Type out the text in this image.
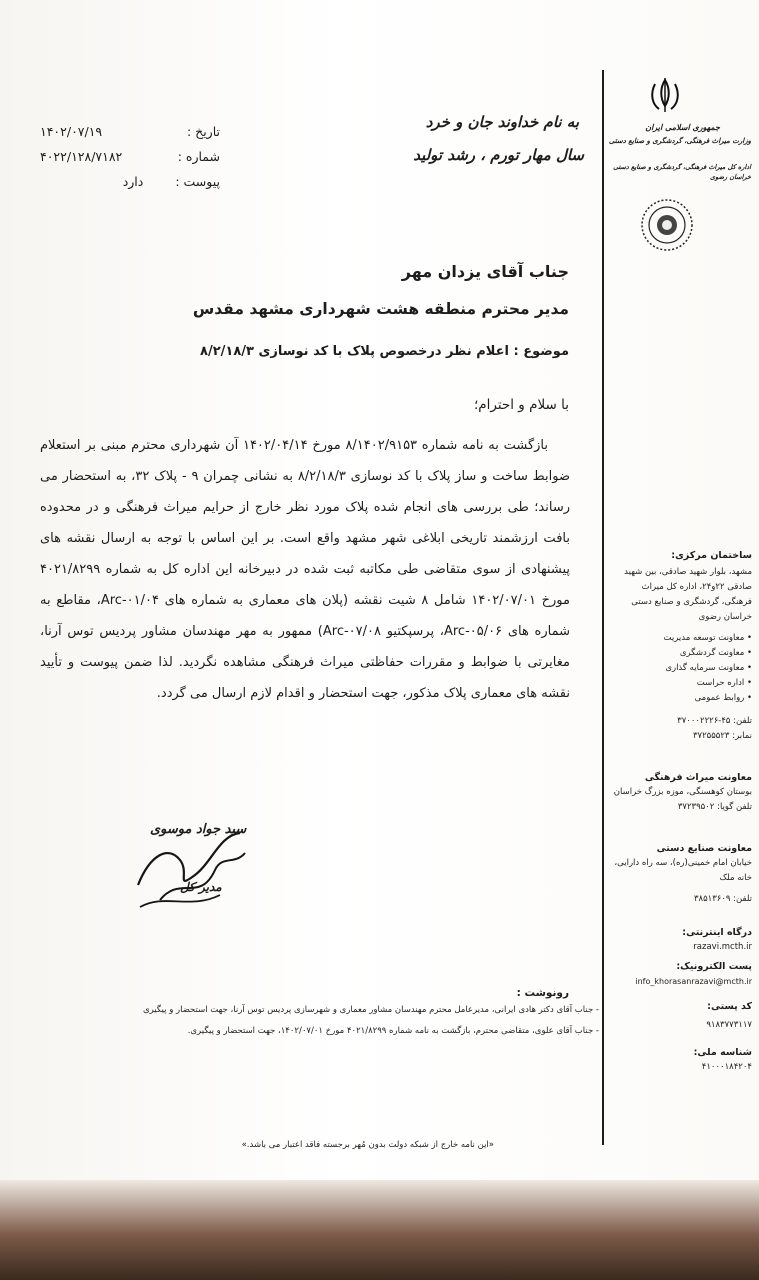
جمهوری اسلامی ایران
وزارت میراث فرهنگی، گردشگری و صنایع دستی
اداره کل میراث فرهنگی، گردشگری و صنایع دستی خراسان رضوی
به نام خداوند جان و خرد
سال مهار تورم ، رشد تولید
تاریخ :
۱۴۰۲/۰۷/۱۹
شماره :
۴۰۲۲/۱۲۸/۷۱۸۲
پیوست :
دارد
جناب آقای یزدان مهر
مدیر محترم منطقه هشت شهرداری مشهد مقدس
موضوع : اعلام نظر درخصوص پلاک با کد نوسازی ۸/۲/۱۸/۳
با سلام و احترام؛
بازگشت به نامه شماره ۸/۱۴۰۲/۹۱۵۳ مورخ ۱۴۰۲/۰۴/۱۴ آن شهرداری محترم مبنی بر استعلام ضوابط ساخت و ساز پلاک با کد نوسازی ۸/۲/۱۸/۳ به نشانی چمران ۹ - پلاک ۳۲، به استحضار می رساند؛ طی بررسی های انجام شده پلاک مورد نظر خارج از حرایم میراث فرهنگی و در محدوده بافت ارزشمند تاریخی ابلاغی شهر مشهد واقع است. بر این اساس با توجه به ارسال نقشه های پیشنهادی از سوی متقاضی طی مکاتبه ثبت شده در دبیرخانه این اداره کل به شماره ۴۰۲۱/۸۲۹۹ مورخ ۱۴۰۲/۰۷/۰۱ شامل ۸ شیت نقشه (پلان های معماری به شماره های Arc-۰۱/۰۴، مقاطع به شماره های Arc-۰۵/۰۶، پرسپکتیو Arc-۰۷/۰۸) ممهور به مهر مهندسان مشاور پردیس توس آرنا، مغایرتی با ضوابط و مقررات حفاظتی میراث فرهنگی مشاهده نگردید. لذا ضمن پیوست و تأیید نقشه های معماری پلاک مذکور، جهت استحضار و اقدام لازم ارسال می گردد.
سید جواد موسوی
مدیر کل
رونوشت :
- جناب آقای دکتر هادی ایرانی، مدیرعامل محترم مهندسان مشاور معماری و شهرسازی پردیس توس آرنا، جهت استحضار و پیگیری
- جناب آقای علوی، متقاضی محترم، بازگشت به نامه شماره ۴۰۲۱/۸۲۹۹ مورخ ۱۴۰۲/۰۷/۰۱، جهت استحضار و پیگیری.
«این نامه خارج از شبکه دولت بدون مُهر برجسته فاقد اعتبار می باشد.»
ساختمان مرکزی:
مشهد، بلوار شهید صادقی، بین شهید صادقی ۲۲و۲۴، اداره کل میراث فرهنگی، گردشگری و صنایع دستی خراسان رضوی
• معاونت توسعه مدیریت
• معاونت گردشگری
• معاونت سرمایه گذاری
• اداره حراست
• روابط عمومی
تلفن: ۴۵-۳۷۰۰۰۲۲۲۶
نمابر: ۳۷۲۵۵۵۲۳
معاونت میراث فرهنگی
بوستان کوهسنگی، موزه بزرگ خراسان
تلفن گویا: ۳۷۲۳۹۵۰۲
معاونت صنایع دستی
خیابان امام خمینی(ره)، سه راه دارایی، خانه ملک
تلفن: ۳۸۵۱۳۶۰۹
درگاه اینترنتی:
razavi.mcth.ir
پست الکترونیک:
info_khorasanrazavi@mcth.ir
کد پستی:
۹۱۸۳۷۷۳۱۱۷
شناسه ملی:
۴۱۰۰۰۱۸۴۲۰۴
